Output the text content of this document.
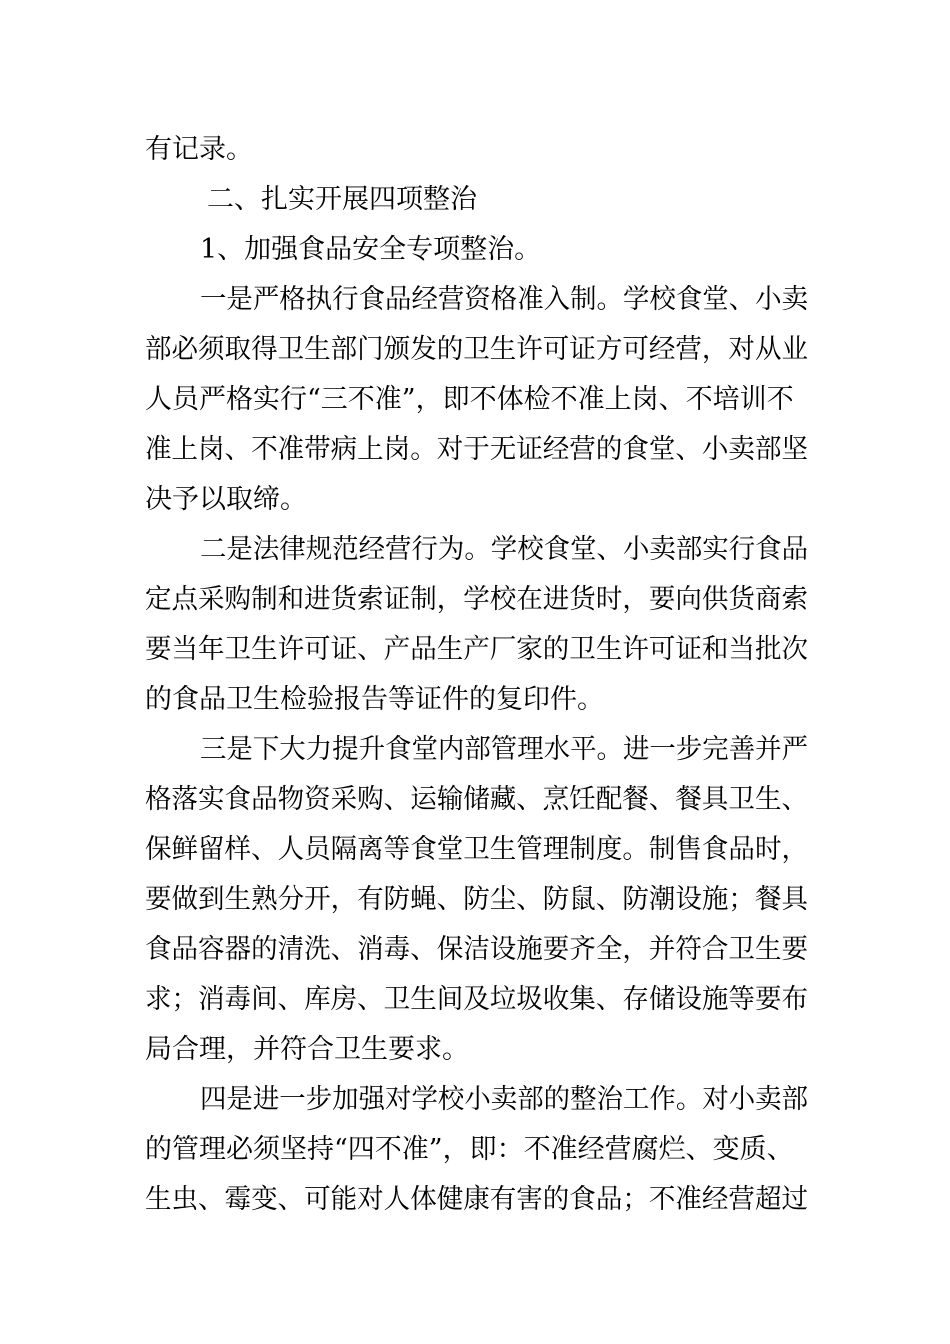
有记录。

二、扎实开展四项整治

1、加强食品安全专项整治。

一是严格执行食品经营资格准入制。学校食堂、小卖

部必须取得卫生部门颁发的卫生许可证方可经营，对从业

人员严格实行“三不准”，即不体检不准上岗、不培训不

准上岗、不准带病上岗。对于无证经营的食堂、小卖部坚

决予以取缔。

二是法律规范经营行为。学校食堂、小卖部实行食品

定点采购制和进货索证制，学校在进货时，要向供货商索

要当年卫生许可证、产品生产厂家的卫生许可证和当批次

的食品卫生检验报告等证件的复印件。

三是下大力提升食堂内部管理水平。进一步完善并严

格落实食品物资采购、运输储藏、烹饪配餐、餐具卫生、

保鲜留样、人员隔离等食堂卫生管理制度。制售食品时，

要做到生熟分开，有防蝇、防尘、防鼠、防潮设施；餐具

食品容器的清洗、消毒、保洁设施要齐全，并符合卫生要

求；消毒间、库房、卫生间及垃圾收集、存储设施等要布

局合理，并符合卫生要求。

四是进一步加强对学校小卖部的整治工作。对小卖部

的管理必须坚持“四不准”，即：不准经营腐烂、变质、

生虫、霉变、可能对人体健康有害的食品；不准经营超过
